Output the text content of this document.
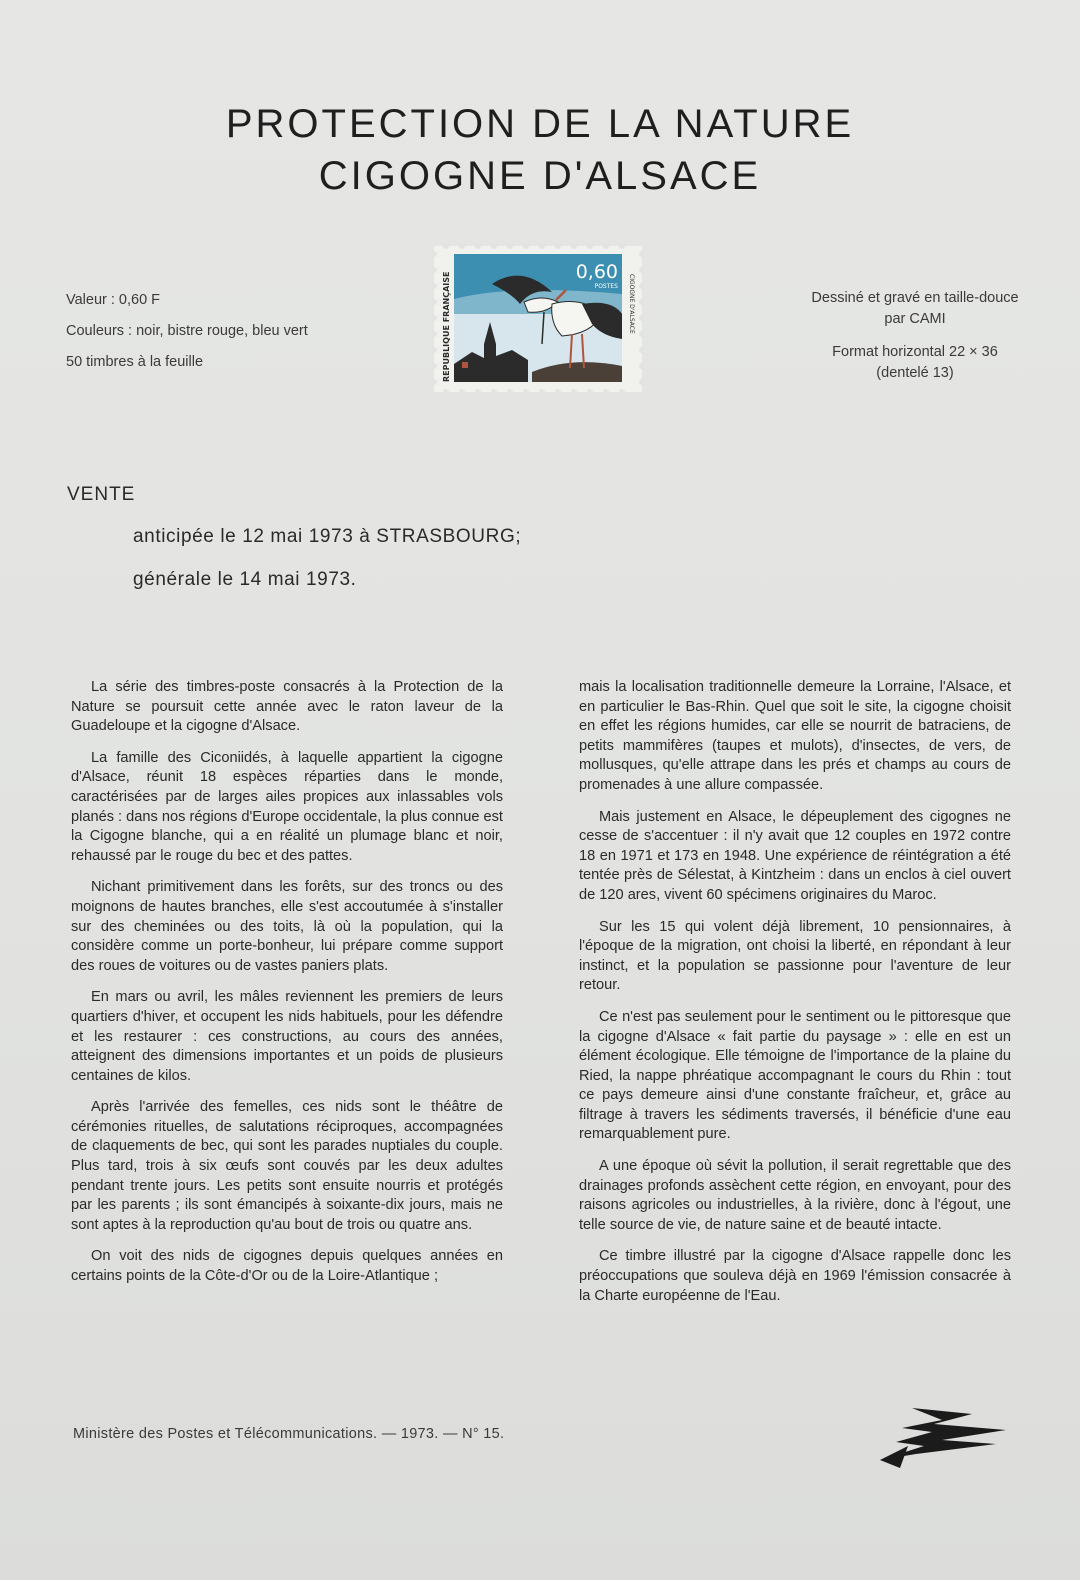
PROTECTION DE LA NATURE
CIGOGNE D'ALSACE
Valeur : 0,60 F
Couleurs : noir, bistre rouge, bleu vert
50 timbres à la feuille
0,60
POSTES
REPUBLIQUE FRANÇAISE	CIGOGNE D'ALSACE	Dessiné et gravé en taille-douce
par CAMI
Format horizontal 22 × 36
(dentelé 13)
VENTE
anticipée le 12 mai 1973 à STRASBOURG;
générale le 14 mai 1973.

La série des timbres-poste consacrés à la Protection de la Nature se poursuit cette année avec le raton laveur de la Guadeloupe et la cigogne d'Alsace.

La famille des Ciconiidés, à laquelle appartient la cigogne d'Alsace, réunit 18 espèces réparties dans le monde, caractérisées par de larges ailes propices aux inlassables vols planés : dans nos régions d'Europe occidentale, la plus connue est la Cigogne blanche, qui a en réalité un plumage blanc et noir, rehaussé par le rouge du bec et des pattes.

Nichant primitivement dans les forêts, sur des troncs ou des moignons de hautes branches, elle s'est accoutumée à s'installer sur des cheminées ou des toits, là où la population, qui la considère comme un porte-bonheur, lui prépare comme support des roues de voitures ou de vastes paniers plats.

En mars ou avril, les mâles reviennent les premiers de leurs quartiers d'hiver, et occupent les nids habituels, pour les défendre et les restaurer : ces constructions, au cours des années, atteignent des dimensions importantes et un poids de plusieurs centaines de kilos.

Après l'arrivée des femelles, ces nids sont le théâtre de cérémonies rituelles, de salutations réciproques, accompagnées de claquements de bec, qui sont les parades nuptiales du couple. Plus tard, trois à six œufs sont couvés par les deux adultes pendant trente jours. Les petits sont ensuite nourris et protégés par les parents ; ils sont émancipés à soixante-dix jours, mais ne sont aptes à la reproduction qu'au bout de trois ou quatre ans.

On voit des nids de cigognes depuis quelques années en certains points de la Côte-d'Or ou de la Loire-Atlantique ;

mais la localisation traditionnelle demeure la Lorraine, l'Alsace, et en particulier le Bas-Rhin. Quel que soit le site, la cigogne choisit en effet les régions humides, car elle se nourrit de batraciens, de petits mammifères (taupes et mulots), d'insectes, de vers, de mollusques, qu'elle attrape dans les prés et champs au cours de promenades à une allure compassée.

Mais justement en Alsace, le dépeuplement des cigognes ne cesse de s'accentuer : il n'y avait que 12 couples en 1972 contre 18 en 1971 et 173 en 1948. Une expérience de réintégration a été tentée près de Sélestat, à Kintzheim : dans un enclos à ciel ouvert de 120 ares, vivent 60 spécimens originaires du Maroc.

Sur les 15 qui volent déjà librement, 10 pensionnaires, à l'époque de la migration, ont choisi la liberté, en répondant à leur instinct, et la population se passionne pour l'aventure de leur retour.

Ce n'est pas seulement pour le sentiment ou le pittoresque que la cigogne d'Alsace « fait partie du paysage » : elle en est un élément écologique. Elle témoigne de l'importance de la plaine du Ried, la nappe phréatique accompagnant le cours du Rhin : tout ce pays demeure ainsi d'une constante fraîcheur, et, grâce au filtrage à travers les sédiments traversés, il bénéficie d'une eau remarquablement pure.

A une époque où sévit la pollution, il serait regrettable que des drainages profonds assèchent cette région, en envoyant, pour des raisons agricoles ou industrielles, à la rivière, donc à l'égout, une telle source de vie, de nature saine et de beauté intacte.

Ce timbre illustré par la cigogne d'Alsace rappelle donc les préoccupations que souleva déjà en 1969 l'émission consacrée à la Charte européenne de l'Eau.

Ministère des Postes et Télécommunications. — 1973. — N° 15.
